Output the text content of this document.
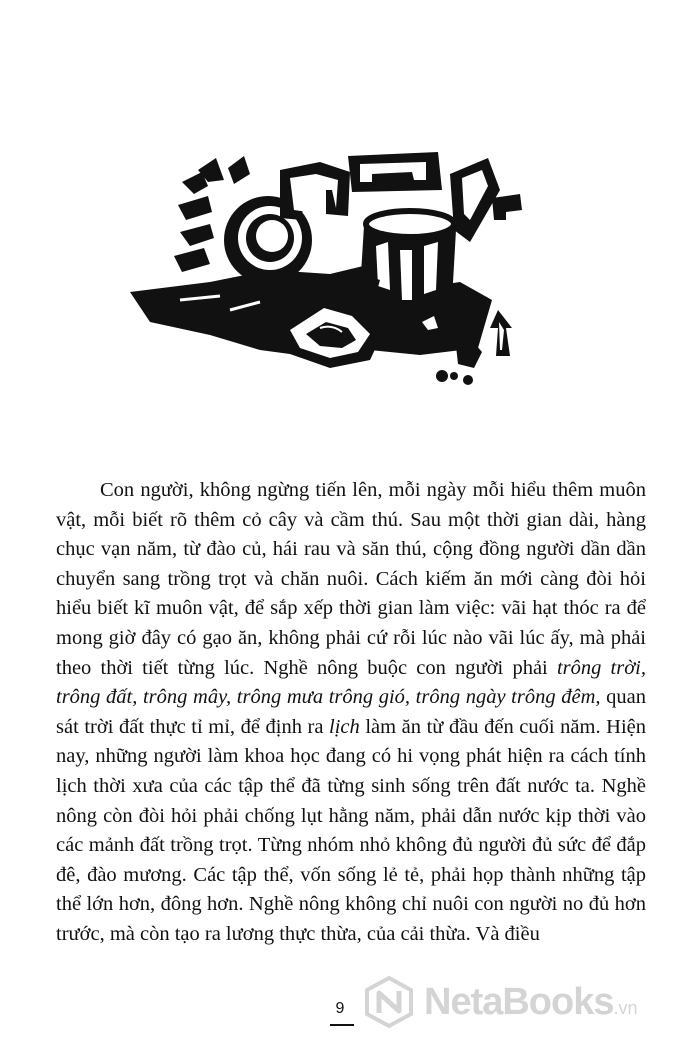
Con người, không ngừng tiến lên, mỗi ngày mỗi hiểu thêm muôn vật, mỗi biết rõ thêm cỏ cây và cầm thú. Sau một thời gian dài, hàng chục vạn năm, từ đào củ, hái rau và săn thú, cộng đồng người dần dần chuyển sang trồng trọt và chăn nuôi. Cách kiếm ăn mới càng đòi hỏi hiểu biết kĩ muôn vật, để sắp xếp thời gian làm việc: vãi hạt thóc ra để mong giờ đây có gạo ăn, không phải cứ rỗi lúc nào vãi lúc ấy, mà phải theo thời tiết từng lúc. Nghề nông buộc con người phải trông trời, trông đất, trông mây, trông mưa trông gió, trông ngày trông đêm, quan sát trời đất thực tỉ mỉ, để định ra lịch làm ăn từ đầu đến cuối năm. Hiện nay, những người làm khoa học đang có hi vọng phát hiện ra cách tính lịch thời xưa của các tập thể đã từng sinh sống trên đất nước ta. Nghề nông còn đòi hỏi phải chống lụt hằng năm, phải dẫn nước kịp thời vào các mảnh đất trồng trọt. Từng nhóm nhỏ không đủ người đủ sức để đắp đê, đào mương. Các tập thể, vốn sống lẻ tẻ, phải họp thành những tập thể lớn hơn, đông hơn. Nghề nông không chỉ nuôi con người no đủ hơn trước, mà còn tạo ra lương thực thừa, của cải thừa. Và điều

9	NetaBooks .vn
